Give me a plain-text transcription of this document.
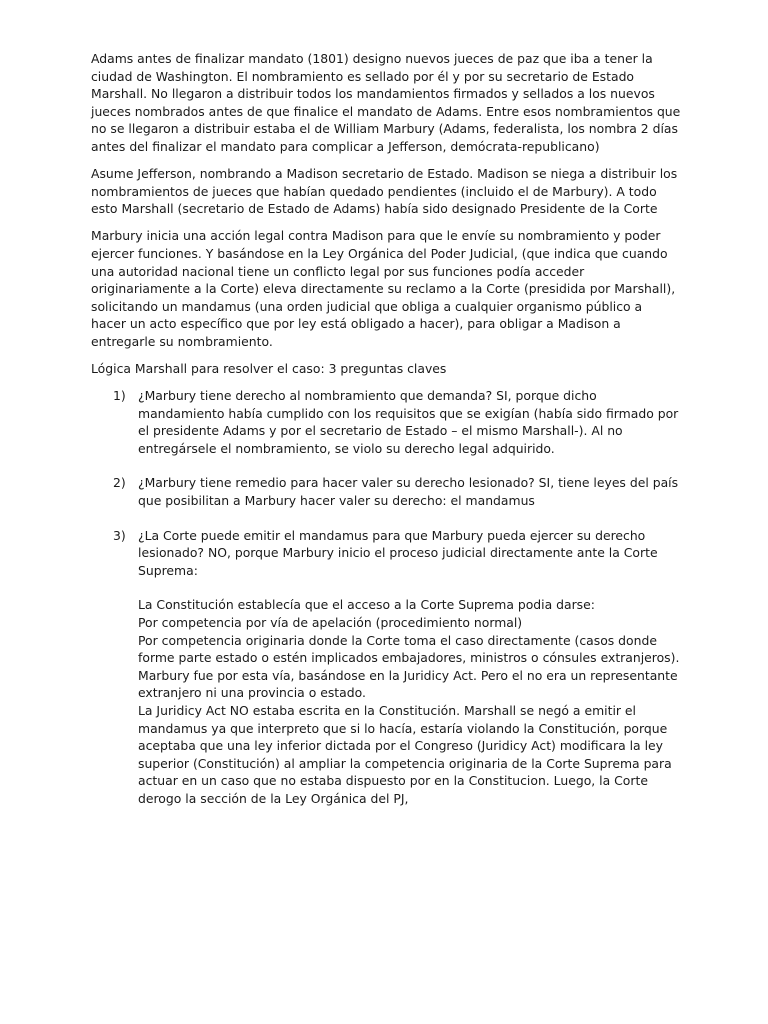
Adams antes de finalizar mandato (1801) designo nuevos jueces de paz que iba a tener la ciudad de Washington. El nombramiento es sellado por él y por su secretario de Estado Marshall. No llegaron a distribuir todos los mandamientos firmados y sellados a los nuevos jueces nombrados antes de que finalice el mandato de Adams. Entre esos nombramientos que no se llegaron a distribuir estaba el de William Marbury (Adams, federalista, los nombra 2 días antes del finalizar el mandato para complicar a Jefferson, demócrata-republicano)

Asume Jefferson, nombrando a Madison secretario de Estado. Madison se niega a distribuir los nombramientos de jueces que habían quedado pendientes (incluido el de Marbury). A todo esto Marshall (secretario de Estado de Adams) había sido designado Presidente de la Corte

Marbury inicia una acción legal contra Madison para que le envíe su nombramiento y poder ejercer funciones. Y basándose en la Ley Orgánica del Poder Judicial, (que indica que cuando una autoridad nacional tiene un conflicto legal por sus funciones podía acceder originariamente a la Corte) eleva directamente su reclamo a la Corte (presidida por Marshall), solicitando un mandamus (una orden judicial que obliga a cualquier organismo público a hacer un acto específico que por ley está obligado a hacer), para obligar a Madison a entregarle su nombramiento.

Lógica Marshall para resolver el caso: 3 preguntas claves

1) ¿Marbury tiene derecho al nombramiento que demanda? SI, porque dicho mandamiento había cumplido con los requisitos que se exigían (había sido firmado por el presidente Adams y por el secretario de Estado – el mismo Marshall-). Al no entregársele el nombramiento, se violo su derecho legal adquirido.
2) ¿Marbury tiene remedio para hacer valer su derecho lesionado? SI, tiene leyes del país que posibilitan a Marbury hacer valer su derecho: el mandamus
3) ¿La Corte puede emitir el mandamus para que Marbury pueda ejercer su derecho lesionado? NO, porque Marbury inicio el proceso judicial directamente ante la Corte Suprema:
La Constitución establecía que el acceso a la Corte Suprema podia darse:
Por competencia por vía de apelación (procedimiento normal)
Por competencia originaria donde la Corte toma el caso directamente (casos donde forme parte estado o estén implicados embajadores, ministros o cónsules extranjeros). Marbury fue por esta vía, basándose en la Juridicy Act. Pero el no era un representante extranjero ni una provincia o estado.
La Juridicy Act NO estaba escrita en la Constitución. Marshall se negó a emitir el mandamus ya que interpreto que si lo hacía, estaría violando la Constitución, porque aceptaba que una ley inferior dictada por el Congreso (Juridicy Act) modificara la ley superior (Constitución) al ampliar la competencia originaria de la Corte Suprema para actuar en un caso que no estaba dispuesto por en la Constitucion. Luego, la Corte derogo la sección de la Ley Orgánica del PJ,
